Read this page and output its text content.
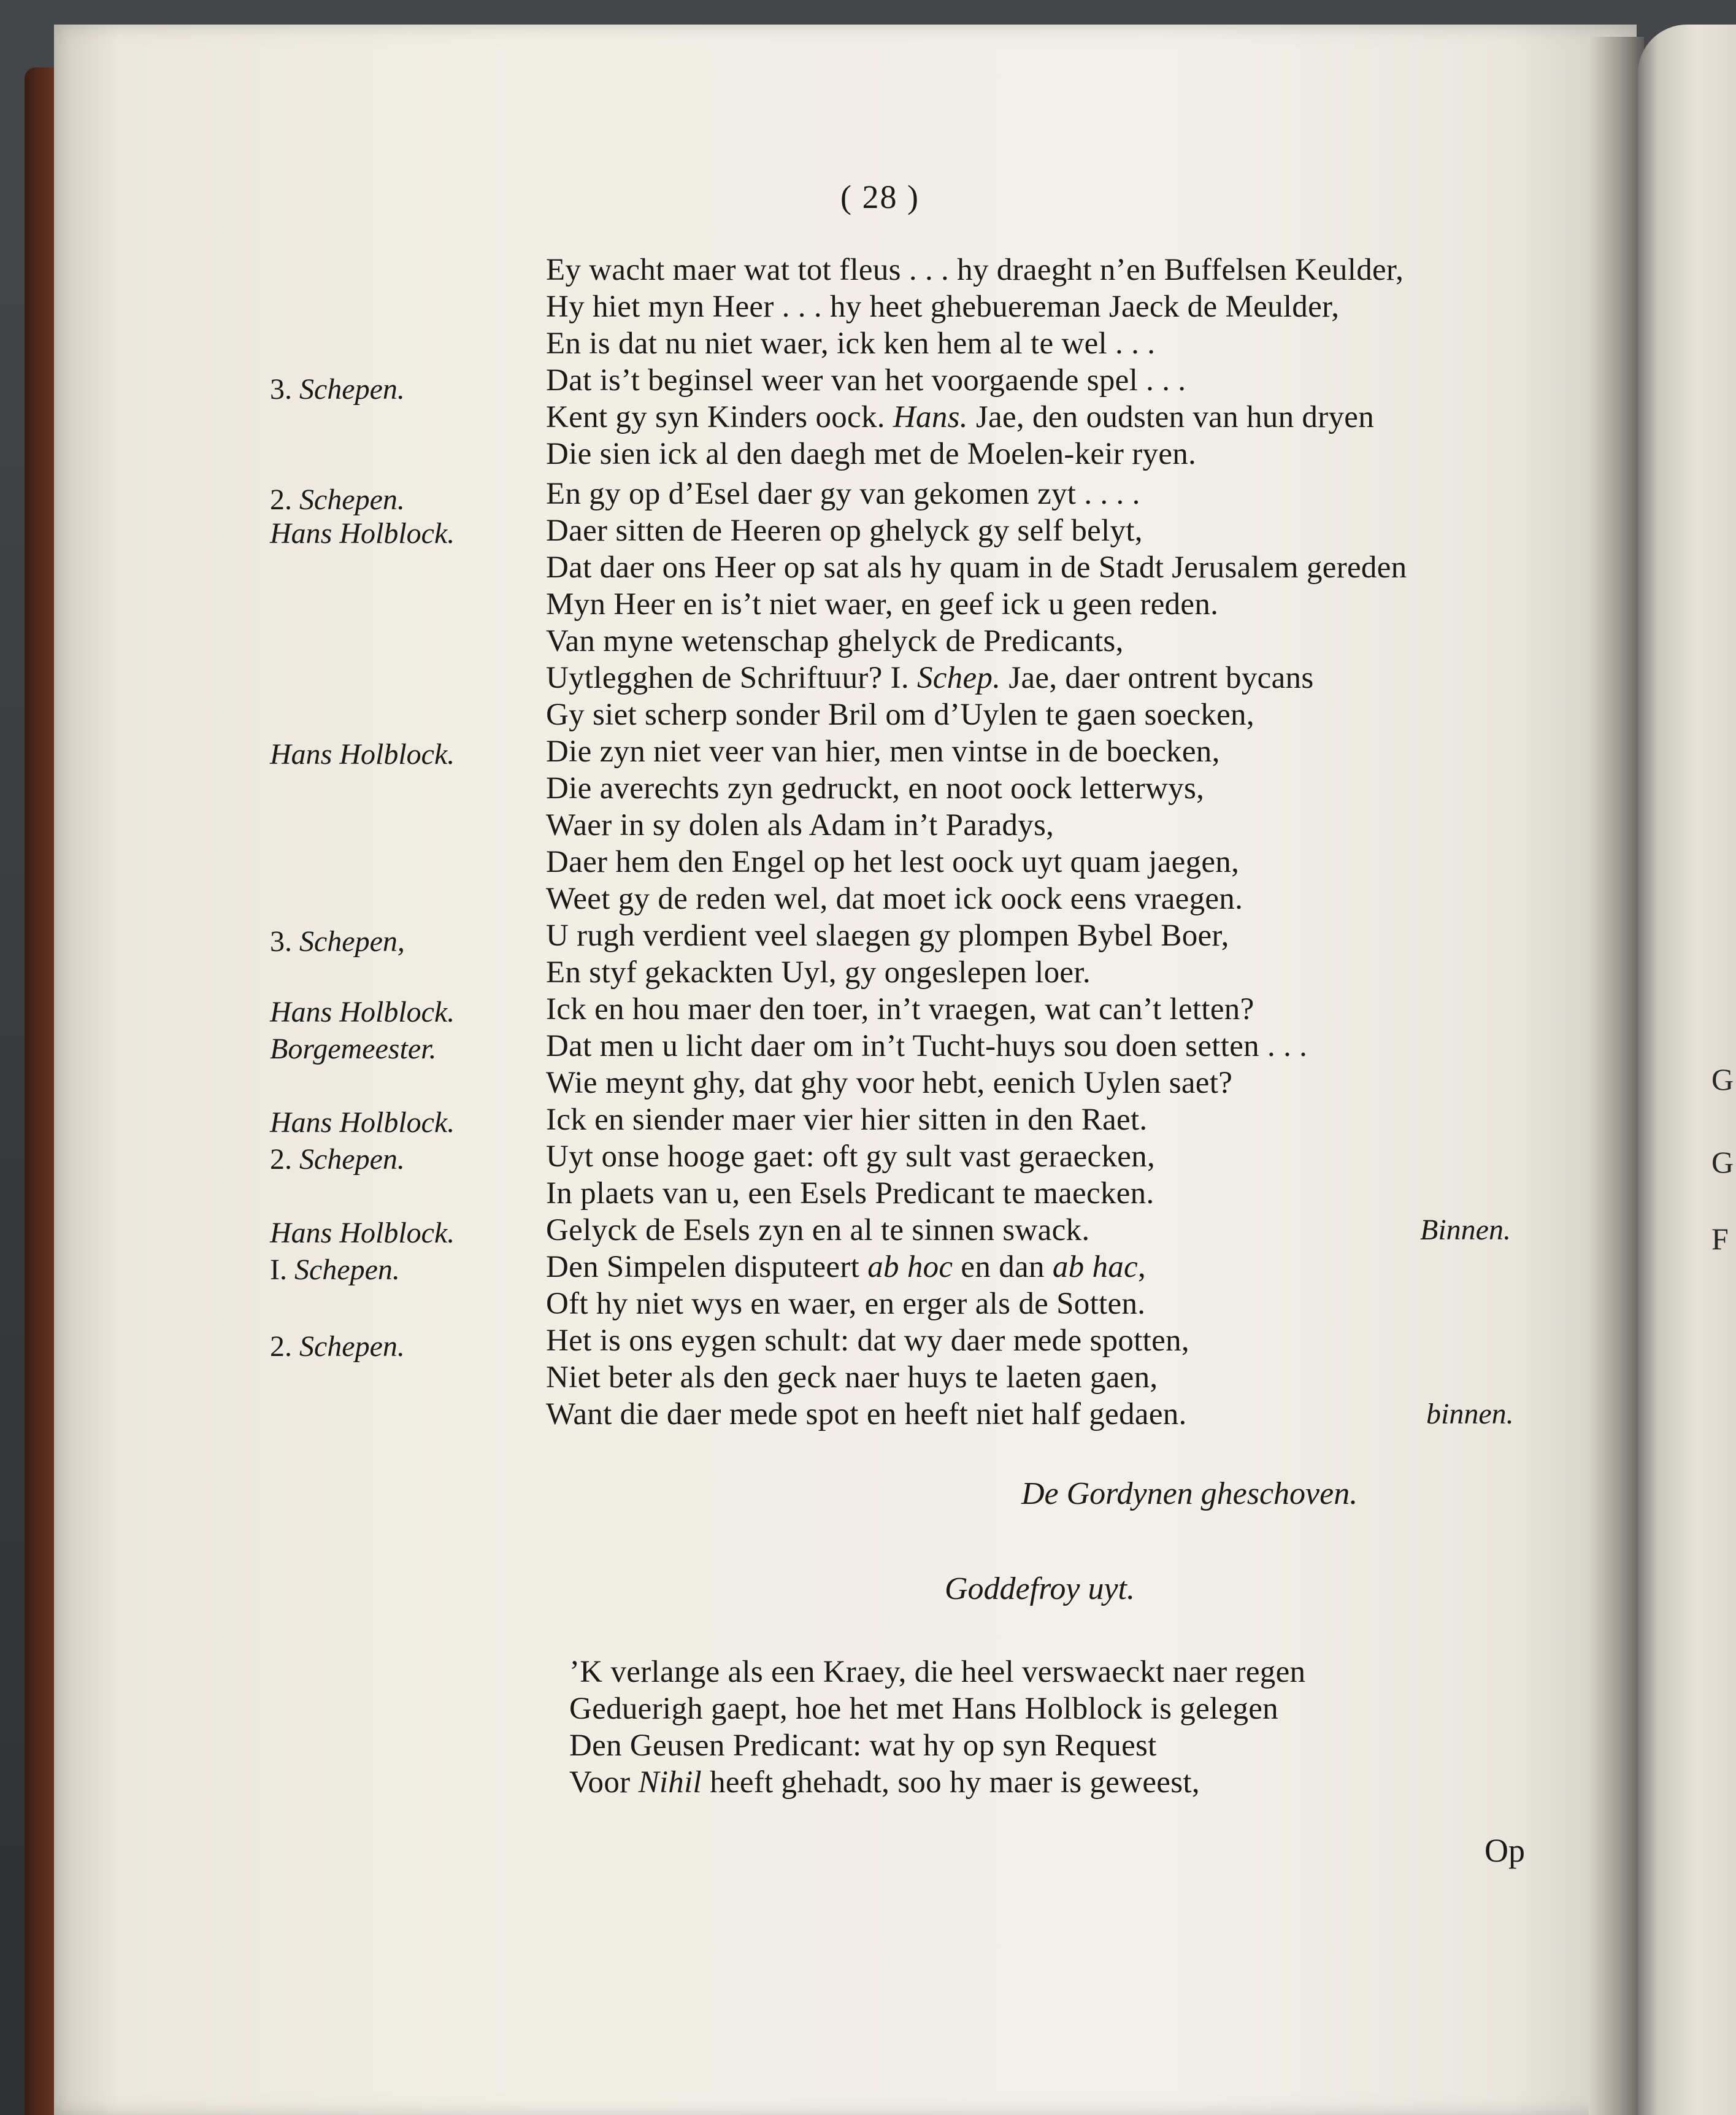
G
G
F
( 28 )
Ey wacht maer wat tot fleus . . . hy draeght n’en Buffelsen Keulder,
Hy hiet myn Heer . . . hy heet ghebuereman Jaeck de Meulder,
En is dat nu niet waer, ick ken hem al te wel . . .
Dat is’t beginsel weer van het voorgaende spel . . .
Kent gy syn Kinders oock. Hans. Jae, den oudsten van hun dryen
Die sien ick al den daegh met de Moelen-keir ryen.
En gy op d’Esel daer gy van gekomen zyt . . . .
Daer sitten de Heeren op ghelyck gy self belyt,
Dat daer ons Heer op sat als hy quam in de Stadt Jerusalem gereden
Myn Heer en is’t niet waer, en geef ick u geen reden.
Van myne wetenschap ghelyck de Predicants,
Uytlegghen de Schriftuur? I. Schep. Jae, daer ontrent bycans
Gy siet scherp sonder Bril om d’Uylen te gaen soecken,
Die zyn niet veer van hier, men vintse in de boecken,
Die averechts zyn gedruckt, en noot oock letterwys,
Waer in sy dolen als Adam in’t Paradys,
Daer hem den Engel op het lest oock uyt quam jaegen,
Weet gy de reden wel, dat moet ick oock eens vraegen.
U rugh verdient veel slaegen gy plompen Bybel Boer,
En styf gekackten Uyl, gy ongeslepen loer.
Ick en hou maer den toer, in’t vraegen, wat can’t letten?
Dat men u licht daer om in’t Tucht-huys sou doen setten . . .
Wie meynt ghy, dat ghy voor hebt, eenich Uylen saet?
Ick en siender maer vier hier sitten in den Raet.
Uyt onse hooge gaet: oft gy sult vast geraecken,
In plaets van u, een Esels Predicant te maecken.
Gelyck de Esels zyn en al te sinnen swack.
Den Simpelen disputeert ab hoc en dan ab hac,
Oft hy niet wys en waer, en erger als de Sotten.
Het is ons eygen schult: dat wy daer mede spotten,
Niet beter als den geck naer huys te laeten gaen,
Want die daer mede spot en heeft niet half gedaen.
3. Schepen.
2. Schepen.
Hans Holblock.
Hans Holblock.
3. Schepen,
Hans Holblock.
Borgemeester.
Hans Holblock.
2. Schepen.
Hans Holblock.
I. Schepen.
2. Schepen.
Binnen.
binnen.
De Gordynen gheschoven.
Goddefroy uyt.
’K verlange als een Kraey, die heel verswaeckt naer regen
Geduerigh gaept, hoe het met Hans Holblock is gelegen
Den Geusen Predicant: wat hy op syn Request
Voor Nihil heeft ghehadt, soo hy maer is geweest,
Op
